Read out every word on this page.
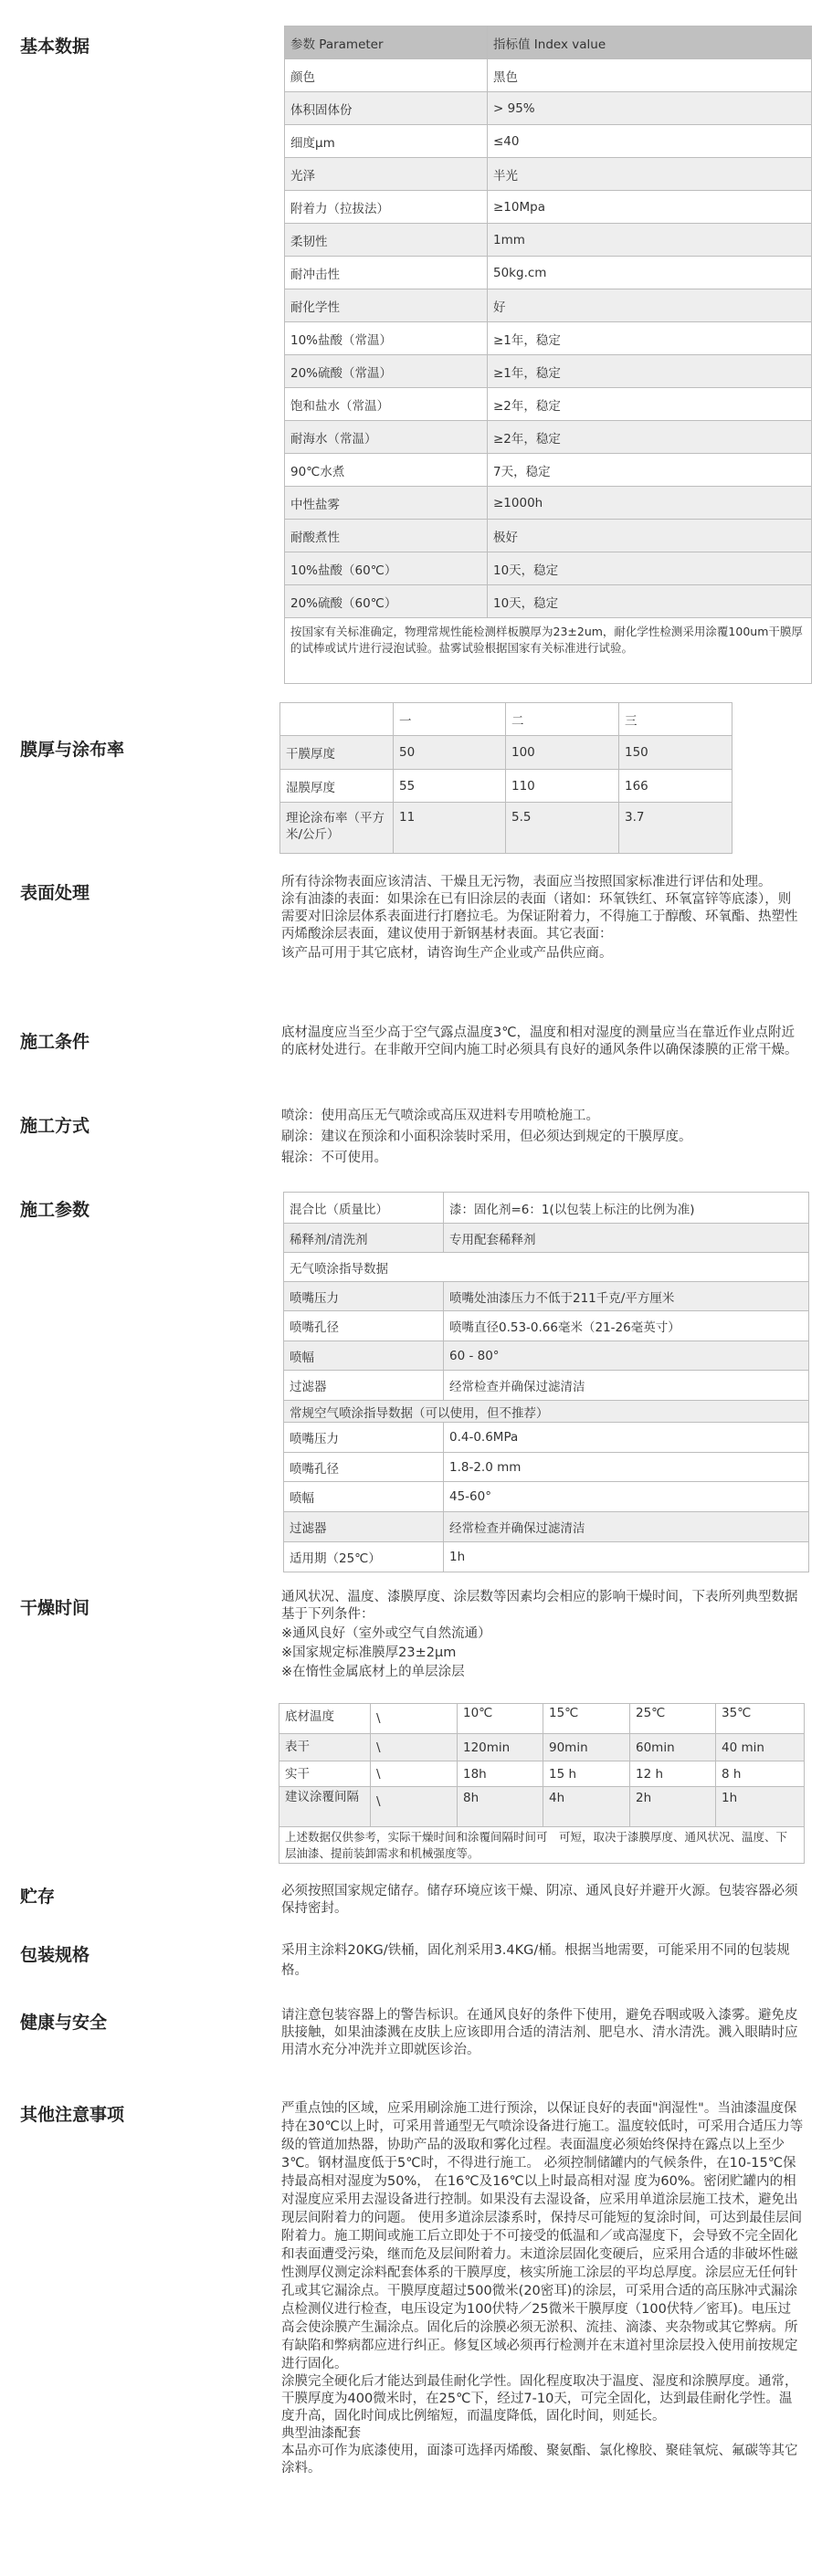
基本数据	参数 Parameter	指标值 Index value
颜色	黑色
体积固体份	> 95%
细度μm	≤40
光泽	半光
附着力（拉拔法）	≥10Mpa
柔韧性	1mm
耐冲击性	50kg.cm
耐化学性	好
10%盐酸（常温）	≥1年，稳定
20%硫酸（常温）	≥1年，稳定
饱和盐水（常温）	≥2年，稳定
耐海水（常温）	≥2年，稳定
90℃水煮	7天，稳定
中性盐雾	≥1000h
耐酸煮性	极好
10%盐酸（60℃）	10天，稳定
20%硫酸（60℃）	10天，稳定
按国家有关标准确定，物理常规性能检测样板膜厚为23±2um，耐化学性检测采用涂覆100um干膜厚的试棒或试片进行浸泡试验。盐雾试验根据国家有关标准进行试验。	
膜厚与涂布率
	一	二	三
干膜厚度	50	100	150
湿膜厚度	55	110	166
理论涂布率（平方米/公斤）	11	5.5	3.7
表面处理

所有待涂物表面应该清洁、干燥且无污物，表面应当按照国家标准进行评估和处理。

涂有油漆的表面：如果涂在已有旧涂层的表面（诸如：环氧铁红、环氧富锌等底漆），则需要对旧涂层体系表面进行打磨拉毛。为保证附着力，不得施工于醇酸、环氧酯、热塑性丙烯酸涂层表面，建议使用于新钢基材表面。其它表面：

该产品可用于其它底材，请咨询生产企业或产品供应商。

施工条件	底材温度应当至少高于空气露点温度3℃，温度和相对湿度的测量应当在靠近作业点附近的底材处进行。在非敞开空间内施工时必须具有良好的通风条件以确保漆膜的正常干燥。

施工方式	喷涂：使用高压无气喷涂或高压双进料专用喷枪施工。

刷涂：建议在预涂和小面积涂装时采用，但必须达到规定的干膜厚度。

辊涂：不可使用。

施工参数	混合比（质量比）	漆：固化剂=6：1(以包装上标注的比例为准)
稀释剂/清洗剂	专用配套稀释剂
无气喷涂指导数据	
喷嘴压力	喷嘴处油漆压力不低于211千克/平方厘米
喷嘴孔径	喷嘴直径0.53-0.66毫米（21-26毫英寸）
喷幅	60 - 80°
过滤器	经常检查并确保过滤清洁
常规空气喷涂指导数据（可以使用，但不推荐）	
喷嘴压力	0.4-0.6MPa
喷嘴孔径	1.8-2.0 mm
喷幅	45-60°
过滤器	经常检查并确保过滤清洁
适用期（25℃）	1h
干燥时间

通风状况、温度、漆膜厚度、涂层数等因素均会相应的影响干燥时间，下表所列典型数据基于下列条件：

※通风良好（室外或空气自然流通）

※国家规定标准膜厚23±2μm

※在惰性金属底材上的单层涂层

底材温度	\	10℃	15℃	25℃	35℃
表干	\	120min	90min	60min	40 min
实干	\	18h	15 h	12 h	8 h
建议涂覆间隔	\	8h	4h	2h	1h
上述数据仅供参考，实际干燥时间和涂覆间隔时间可　可短，取决于漆膜厚度、通风状况、温度、下层油漆、提前装卸需求和机械强度等。					
贮存	必须按照国家规定储存。储存环境应该干燥、阴凉、通风良好并避开火源。包装容器必须保持密封。

包装规格	采用主涂料20KG/铁桶，固化剂采用3.4KG/桶。根据当地需要，可能采用不同的包装规格。

健康与安全	请注意包装容器上的警告标识。在通风良好的条件下使用，避免吞咽或吸入漆雾。避免皮肤接触，如果油漆溅在皮肤上应该即用合适的清洁剂、肥皂水、清水清洗。溅入眼睛时应用清水充分冲洗并立即就医诊治。

其他注意事项	严重点蚀的区域，应采用刷涂施工进行预涂，以保证良好的表面"润湿性"。当油漆温度保持在30℃以上时，可采用普通型无气喷涂设备进行施工。温度较低时，可采用合适压力等级的管道加热器，协助产品的汲取和雾化过程。表面温度必须始终保持在露点以上至少3℃。钢材温度低于5℃时，不得进行施工。 必须控制储罐内的气候条件，在10-15℃保持最高相对湿度为50%， 在16℃及16℃以上时最高相对湿 度为60%。密闭贮罐内的相对湿度应采用去湿设备进行控制。如果没有去湿设备，应采用单道涂层施工技术，避免出现层间附着力的问题。 使用多道涂层漆系时，保持尽可能短的复涂时间，可达到最佳层间附着力。施工期间或施工后立即处于不可接受的低温和／或高湿度下，会导致不完全固化和表面遭受污染，继而危及层间附着力。末道涂层固化变硬后，应采用合适的非破坏性磁性测厚仪测定涂料配套体系的干膜厚度，核实所施工涂层的平均总厚度。涂层应无任何针孔或其它漏涂点。干膜厚度超过500微米(20密耳)的涂层，可采用合适的高压脉冲式漏涂点检测仪进行检查，电压设定为100伏特／25微米干膜厚度（100伏特／密耳)。电压过高会使涂膜产生漏涂点。固化后的涂膜必须无淤积、流挂、滴漆、夹杂物或其它弊病。所有缺陷和弊病都应进行纠正。修复区域必须再行检测并在末道衬里涂层投入使用前按规定进行固化。

涂膜完全硬化后才能达到最佳耐化学性。固化程度取决于温度、湿度和涂膜厚度。通常，干膜厚度为400微米时，在25℃下，经过7-10天，可完全固化，达到最佳耐化学性。温度升高，固化时间成比例缩短，而温度降低，固化时间，则延长。

典型油漆配套

本品亦可作为底漆使用，面漆可选择丙烯酸、聚氨酯、氯化橡胶、聚硅氧烷、氟碳等其它涂料。
